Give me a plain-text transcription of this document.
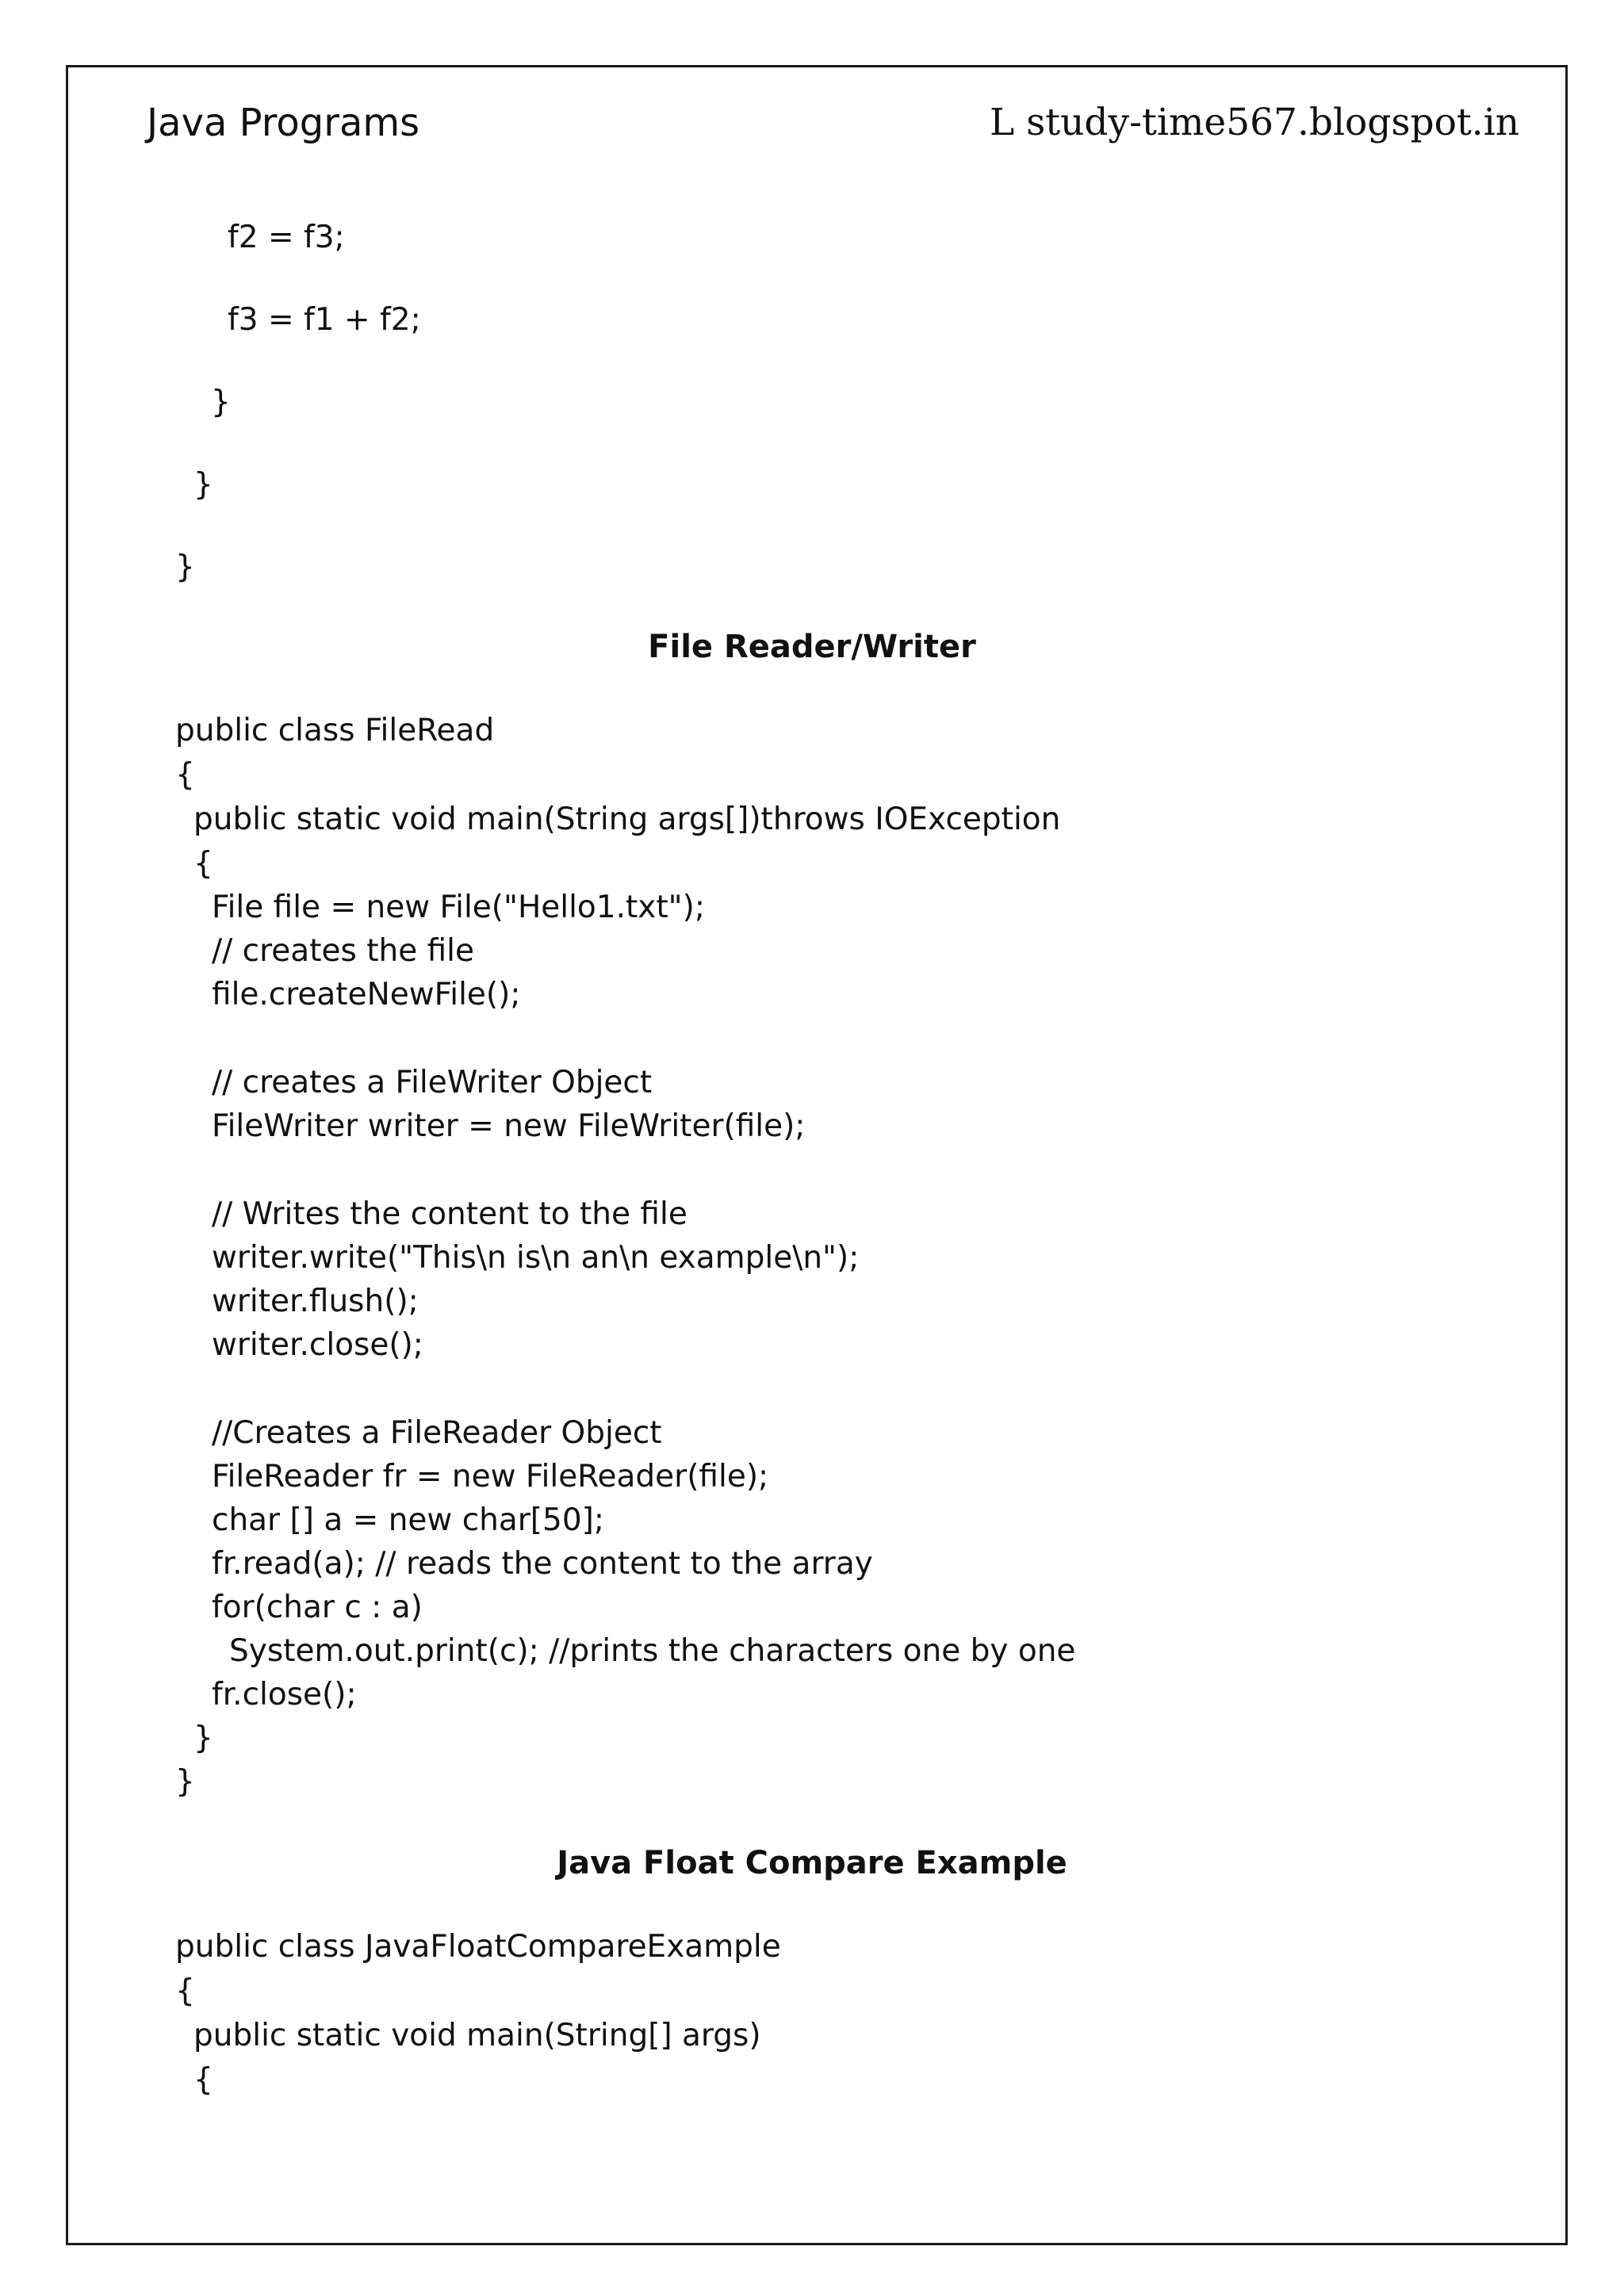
Java Programs	L study-time567.blogspot.in
f2 = f3;
f3 = f1 + f2;
}
}
}
File Reader/Writer
public class FileRead
{
public static void main(String args[])throws IOException
{
File file = new File("Hello1.txt");
// creates the file
file.createNewFile();
// creates a FileWriter Object
FileWriter writer = new FileWriter(file);
// Writes the content to the file
writer.write("This\n is\n an\n example\n");
writer.flush();
writer.close();
//Creates a FileReader Object
FileReader fr = new FileReader(file);
char [] a = new char[50];
fr.read(a); // reads the content to the array
for(char c : a)
System.out.print(c); //prints the characters one by one
fr.close();
}
}
Java Float Compare Example
public class JavaFloatCompareExample
{
public static void main(String[] args)
{
